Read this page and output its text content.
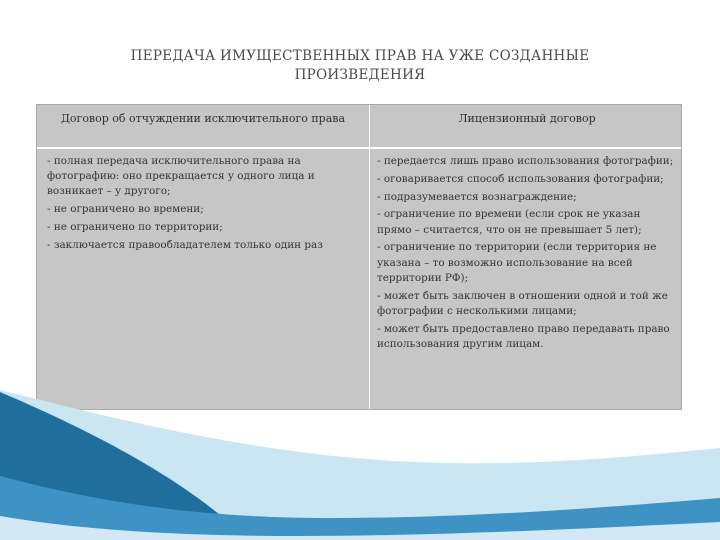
ПЕРЕДАЧА ИМУЩЕСТВЕННЫХ ПРАВ НА УЖЕ СОЗДАННЫЕ
ПРОИЗВЕДЕНИЯ
Договор об отчуждении исключительного права	Лицензионный договор

- полная передача исключительного права на фотографию: оно прекращается у одного лица и возникает – у другого;

- не ограничено во времени;

- не ограничено по территории;

- заключается правообладателем только один раз

- передается лишь право использования фотографии;

- оговаривается способ использования фотографии;

- подразумевается вознаграждение;

- ограничение по времени (если срок не указан прямо – считается, что он не превышает 5 лет);

- ограничение по территории (если территория не указана – то возможно использование на всей территории РФ);

- может быть заключен в отношении одной и той же фотографии с несколькими лицами;

- может быть предоставлено право передавать право использования другим лицам.
